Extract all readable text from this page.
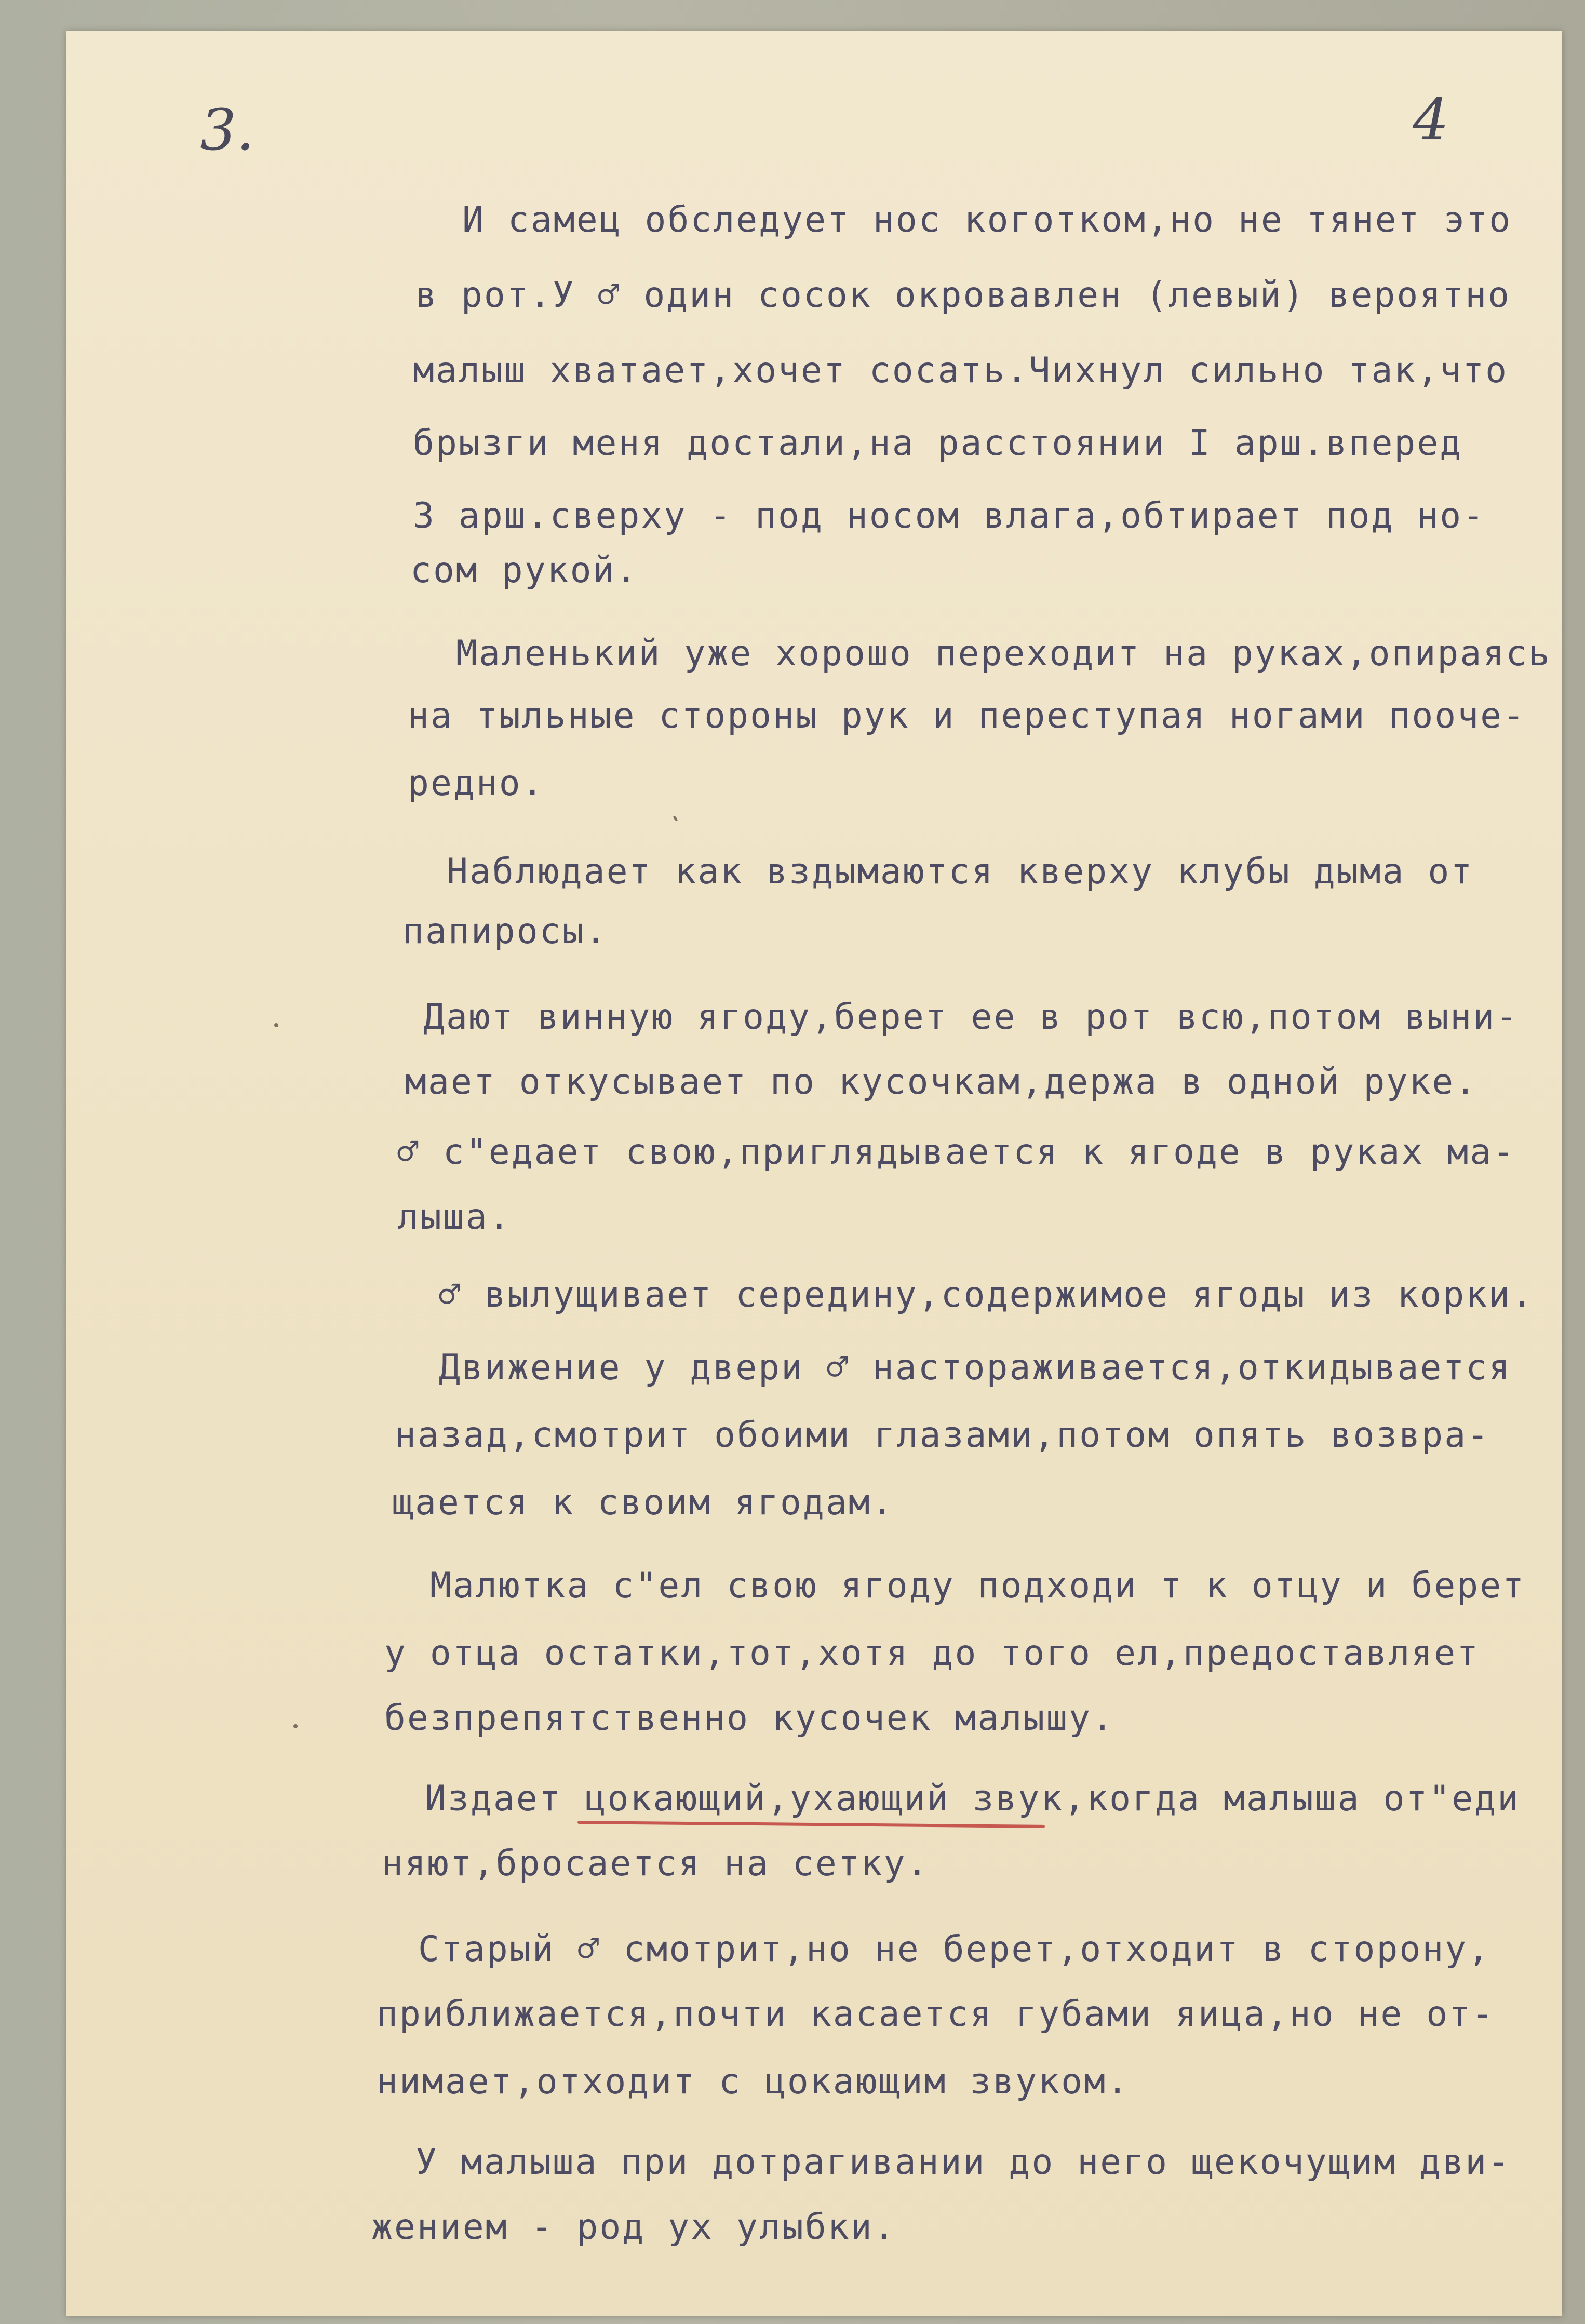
3.	4
И самец обследует нос коготком,но не тянет это
в рот.У ♂ один сосок окровавлен (левый) вероятно
малыш хватает,хочет сосать.Чихнул сильно так,что
брызги меня достали,на расстоянии I арш.вперед
3 арш.сверху - под носом влага,обтирает под но-
сом рукой.
Маленький уже хорошо переходит на руках,опираясь
на тыльные стороны рук и переступая ногами поoче-
редно.
Наблюдает как вздымаются кверху клубы дыма от
папиросы.
Дают винную ягоду,берет ее в рот всю,потом выни-
мает откусывает по кусочкам,держа в одной руке.
♂ с"едает свою,приглядывается к ягоде в руках ма-
лыша.
♂ вылущивает середину,содержимое ягоды из корки.
Движение у двери ♂ настораживается,откидывается
назад,смотрит обоими глазами,потом опять возвра-
щается к своим ягодам.
Малютка с"ел свою ягоду подходи т к отцу и берет
у отца остатки,тот,хотя до того ел,предоставляет
безпрепятственно кусочек малышу.
Издает цокающий,ухающий звук,когда малыша от"еди
няют,бросается на сетку.
Старый ♂ смотрит,но не берет,отходит в сторону,
приближается,почти касается губами яица,но не от-
нимает,отходит с цокающим звуком.
У малыша при дотрагивании до него щекочущим дви-
жением - род ух улыбки.
